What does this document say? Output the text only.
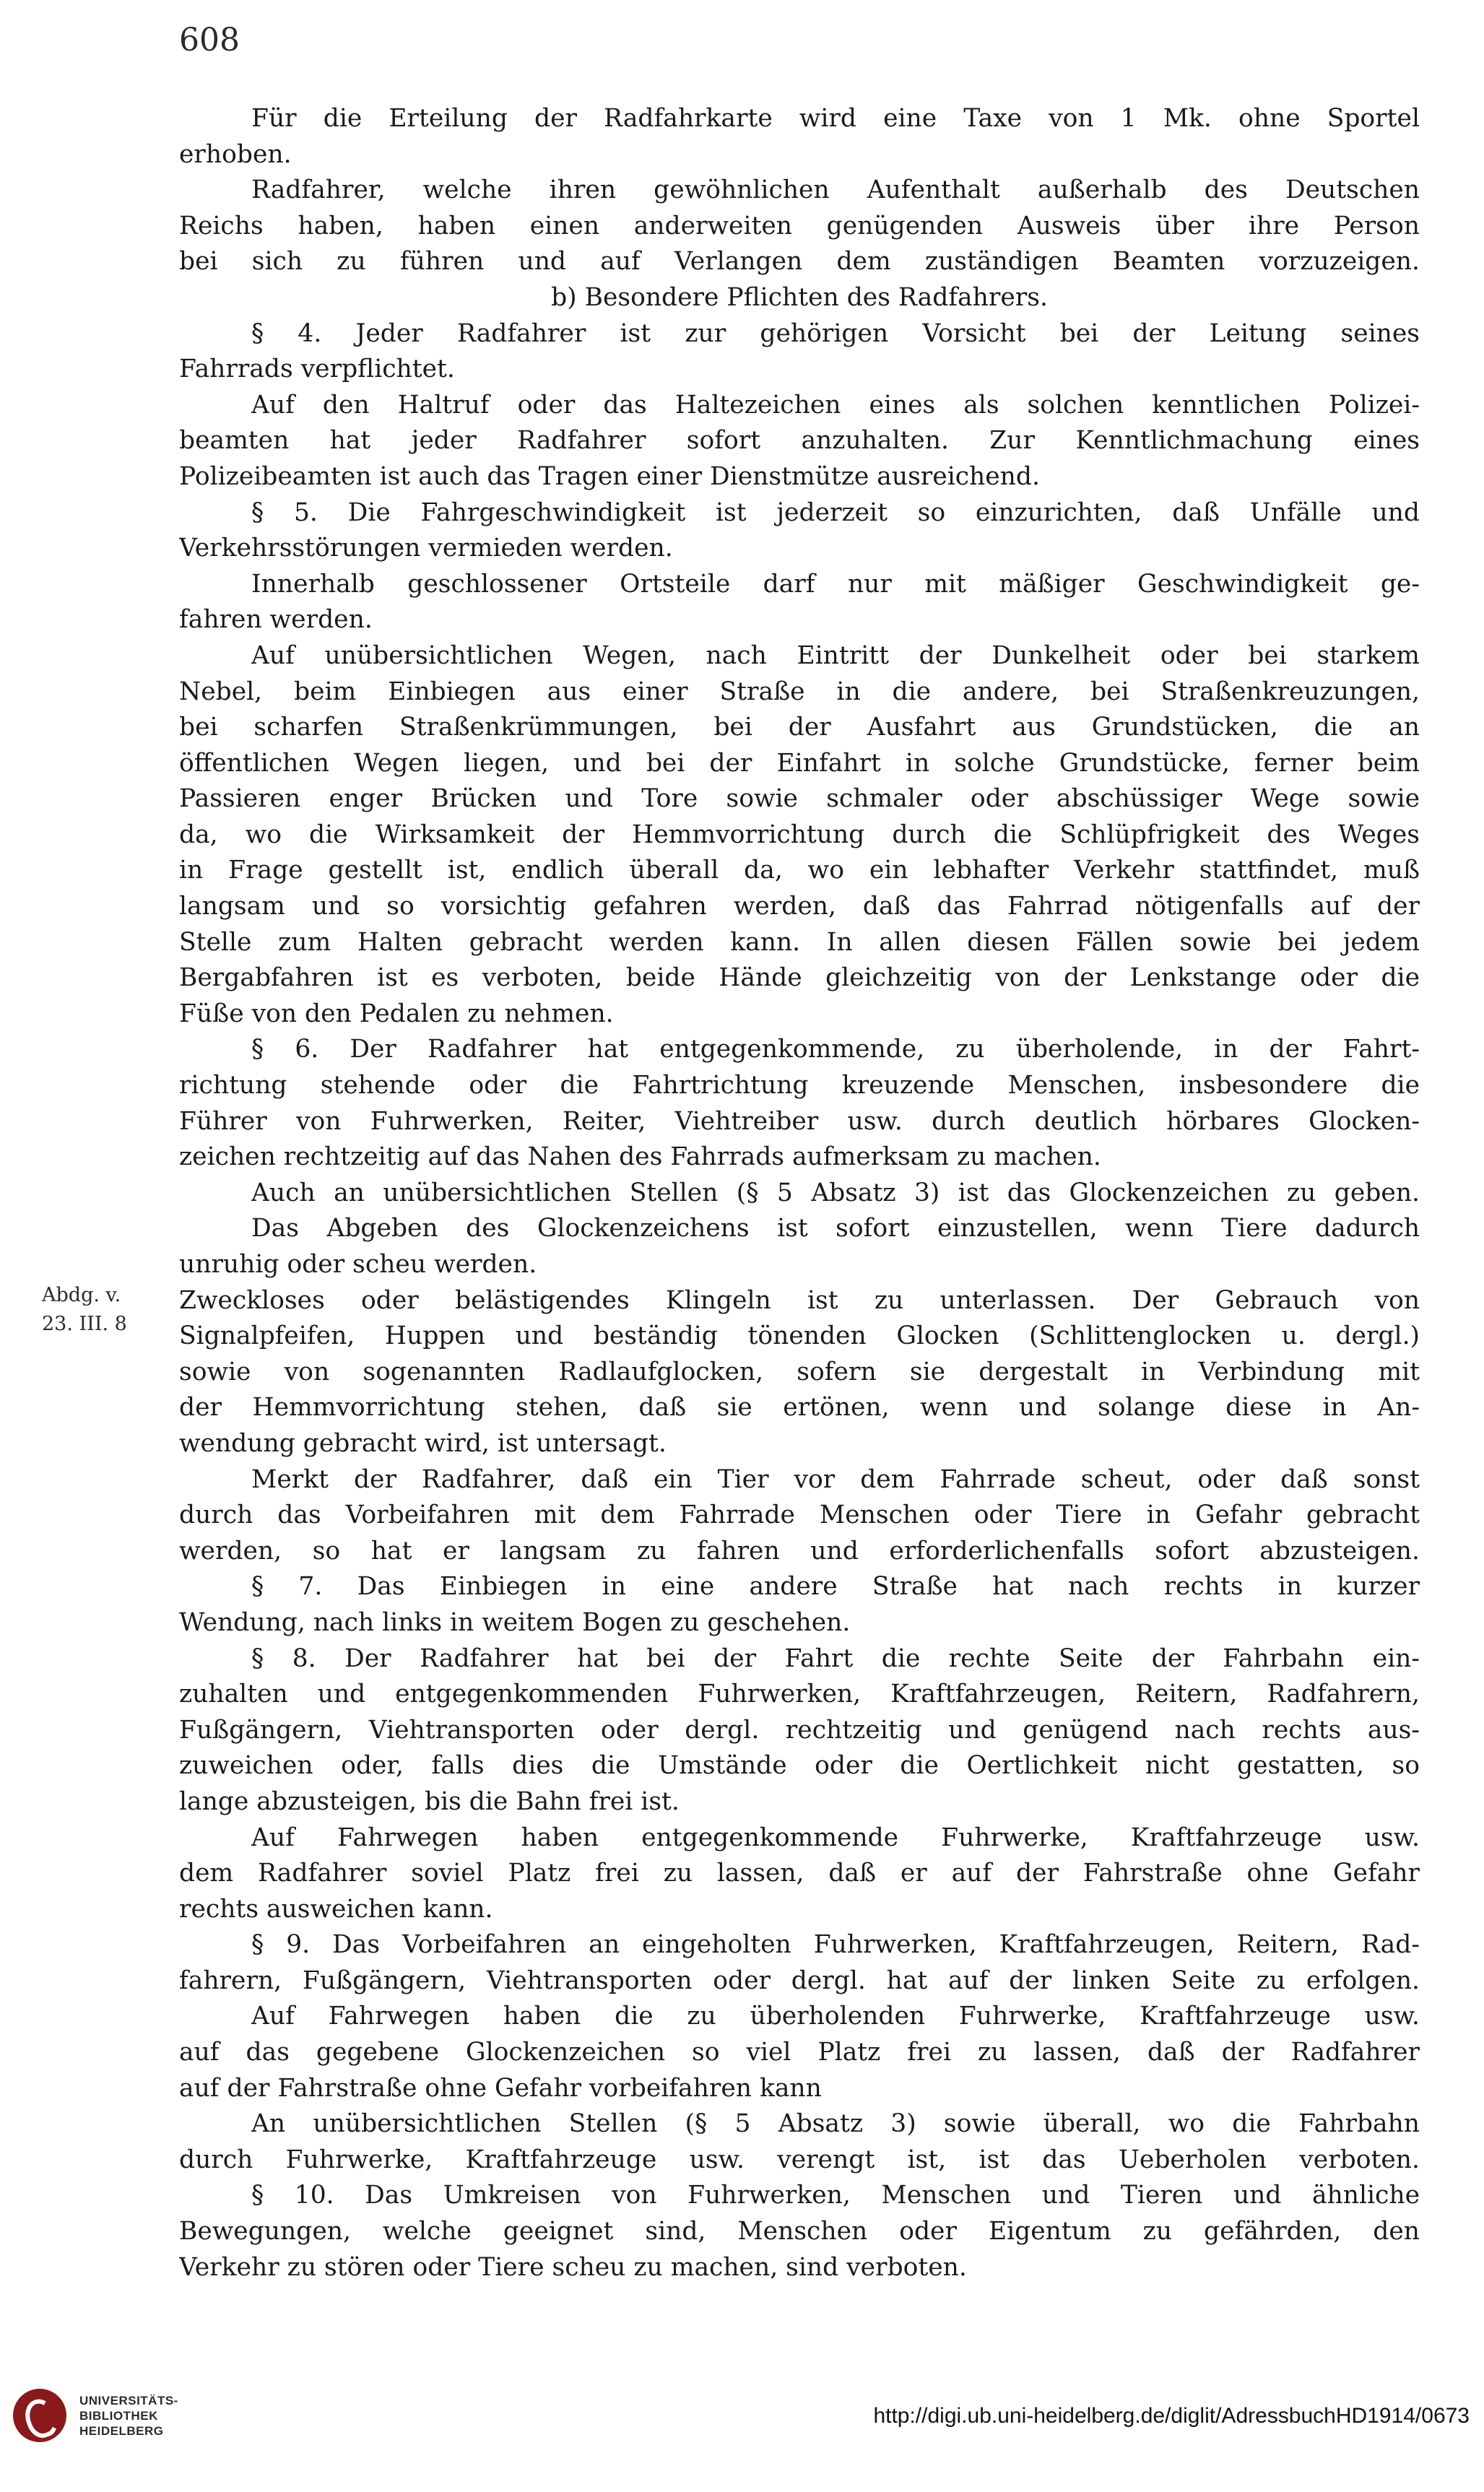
608
Für die Erteilung der Radfahrkarte wird eine Taxe von 1 Mk. ohne Sportel
erhoben.
Radfahrer, welche ihren gewöhnlichen Aufenthalt außerhalb des Deutschen
Reichs haben, haben einen anderweiten genügenden Ausweis über ihre Person
bei sich zu führen und auf Verlangen dem zuständigen Beamten vorzuzeigen.
b) Besondere Pflichten des Radfahrers.
§ 4. Jeder Radfahrer ist zur gehörigen Vorsicht bei der Leitung seines
Fahrrads verpflichtet.
Auf den Haltruf oder das Haltezeichen eines als solchen kenntlichen Polizei-
beamten hat jeder Radfahrer sofort anzuhalten. Zur Kenntlichmachung eines
Polizeibeamten ist auch das Tragen einer Dienstmütze ausreichend.
§ 5. Die Fahrgeschwindigkeit ist jederzeit so einzurichten, daß Unfälle und
Verkehrsstörungen vermieden werden.
Innerhalb geschlossener Ortsteile darf nur mit mäßiger Geschwindigkeit ge-
fahren werden.
Auf unübersichtlichen Wegen, nach Eintritt der Dunkelheit oder bei starkem
Nebel, beim Einbiegen aus einer Straße in die andere, bei Straßenkreuzungen,
bei scharfen Straßenkrümmungen, bei der Ausfahrt aus Grundstücken, die an
öffentlichen Wegen liegen, und bei der Einfahrt in solche Grundstücke, ferner beim
Passieren enger Brücken und Tore sowie schmaler oder abschüssiger Wege sowie
da, wo die Wirksamkeit der Hemmvorrichtung durch die Schlüpfrigkeit des Weges
in Frage gestellt ist, endlich überall da, wo ein lebhafter Verkehr stattfindet, muß
langsam und so vorsichtig gefahren werden, daß das Fahrrad nötigenfalls auf der
Stelle zum Halten gebracht werden kann. In allen diesen Fällen sowie bei jedem
Bergabfahren ist es verboten, beide Hände gleichzeitig von der Lenkstange oder die
Füße von den Pedalen zu nehmen.
§ 6. Der Radfahrer hat entgegenkommende, zu überholende, in der Fahrt-
richtung stehende oder die Fahrtrichtung kreuzende Menschen, insbesondere die
Führer von Fuhrwerken, Reiter, Viehtreiber usw. durch deutlich hörbares Glocken-
zeichen rechtzeitig auf das Nahen des Fahrrads aufmerksam zu machen.
Auch an unübersichtlichen Stellen (§ 5 Absatz 3) ist das Glockenzeichen zu geben.
Das Abgeben des Glockenzeichens ist sofort einzustellen, wenn Tiere dadurch
unruhig oder scheu werden.
Zweckloses oder belästigendes Klingeln ist zu unterlassen. Der Gebrauch von
Signalpfeifen, Huppen und beständig tönenden Glocken (Schlittenglocken u. dergl.)
sowie von sogenannten Radlaufglocken, sofern sie dergestalt in Verbindung mit
der Hemmvorrichtung stehen, daß sie ertönen, wenn und solange diese in An-
wendung gebracht wird, ist untersagt.
Merkt der Radfahrer, daß ein Tier vor dem Fahrrade scheut, oder daß sonst
durch das Vorbeifahren mit dem Fahrrade Menschen oder Tiere in Gefahr gebracht
werden, so hat er langsam zu fahren und erforderlichenfalls sofort abzusteigen.
§ 7. Das Einbiegen in eine andere Straße hat nach rechts in kurzer
Wendung, nach links in weitem Bogen zu geschehen.
§ 8. Der Radfahrer hat bei der Fahrt die rechte Seite der Fahrbahn ein-
zuhalten und entgegenkommenden Fuhrwerken, Kraftfahrzeugen, Reitern, Radfahrern,
Fußgängern, Viehtransporten oder dergl. rechtzeitig und genügend nach rechts aus-
zuweichen oder, falls dies die Umstände oder die Oertlichkeit nicht gestatten, so
lange abzusteigen, bis die Bahn frei ist.
Auf Fahrwegen haben entgegenkommende Fuhrwerke, Kraftfahrzeuge usw.
dem Radfahrer soviel Platz frei zu lassen, daß er auf der Fahrstraße ohne Gefahr
rechts ausweichen kann.
§ 9. Das Vorbeifahren an eingeholten Fuhrwerken, Kraftfahrzeugen, Reitern, Rad-
fahrern, Fußgängern, Viehtransporten oder dergl. hat auf der linken Seite zu erfolgen.
Auf Fahrwegen haben die zu überholenden Fuhrwerke, Kraftfahrzeuge usw.
auf das gegebene Glockenzeichen so viel Platz frei zu lassen, daß der Radfahrer
auf der Fahrstraße ohne Gefahr vorbeifahren kann
An unübersichtlichen Stellen (§ 5 Absatz 3) sowie überall, wo die Fahrbahn
durch Fuhrwerke, Kraftfahrzeuge usw. verengt ist, ist das Ueberholen verboten.
§ 10. Das Umkreisen von Fuhrwerken, Menschen und Tieren und ähnliche
Bewegungen, welche geeignet sind, Menschen oder Eigentum zu gefährden, den
Verkehr zu stören oder Tiere scheu zu machen, sind verboten.
Abdg. v.
23. III. 8
UNIVERSITÄTS-
BIBLIOTHEK
HEIDELBERG
http://digi.ub.uni-heidelberg.de/diglit/AdressbuchHD1914/0673
